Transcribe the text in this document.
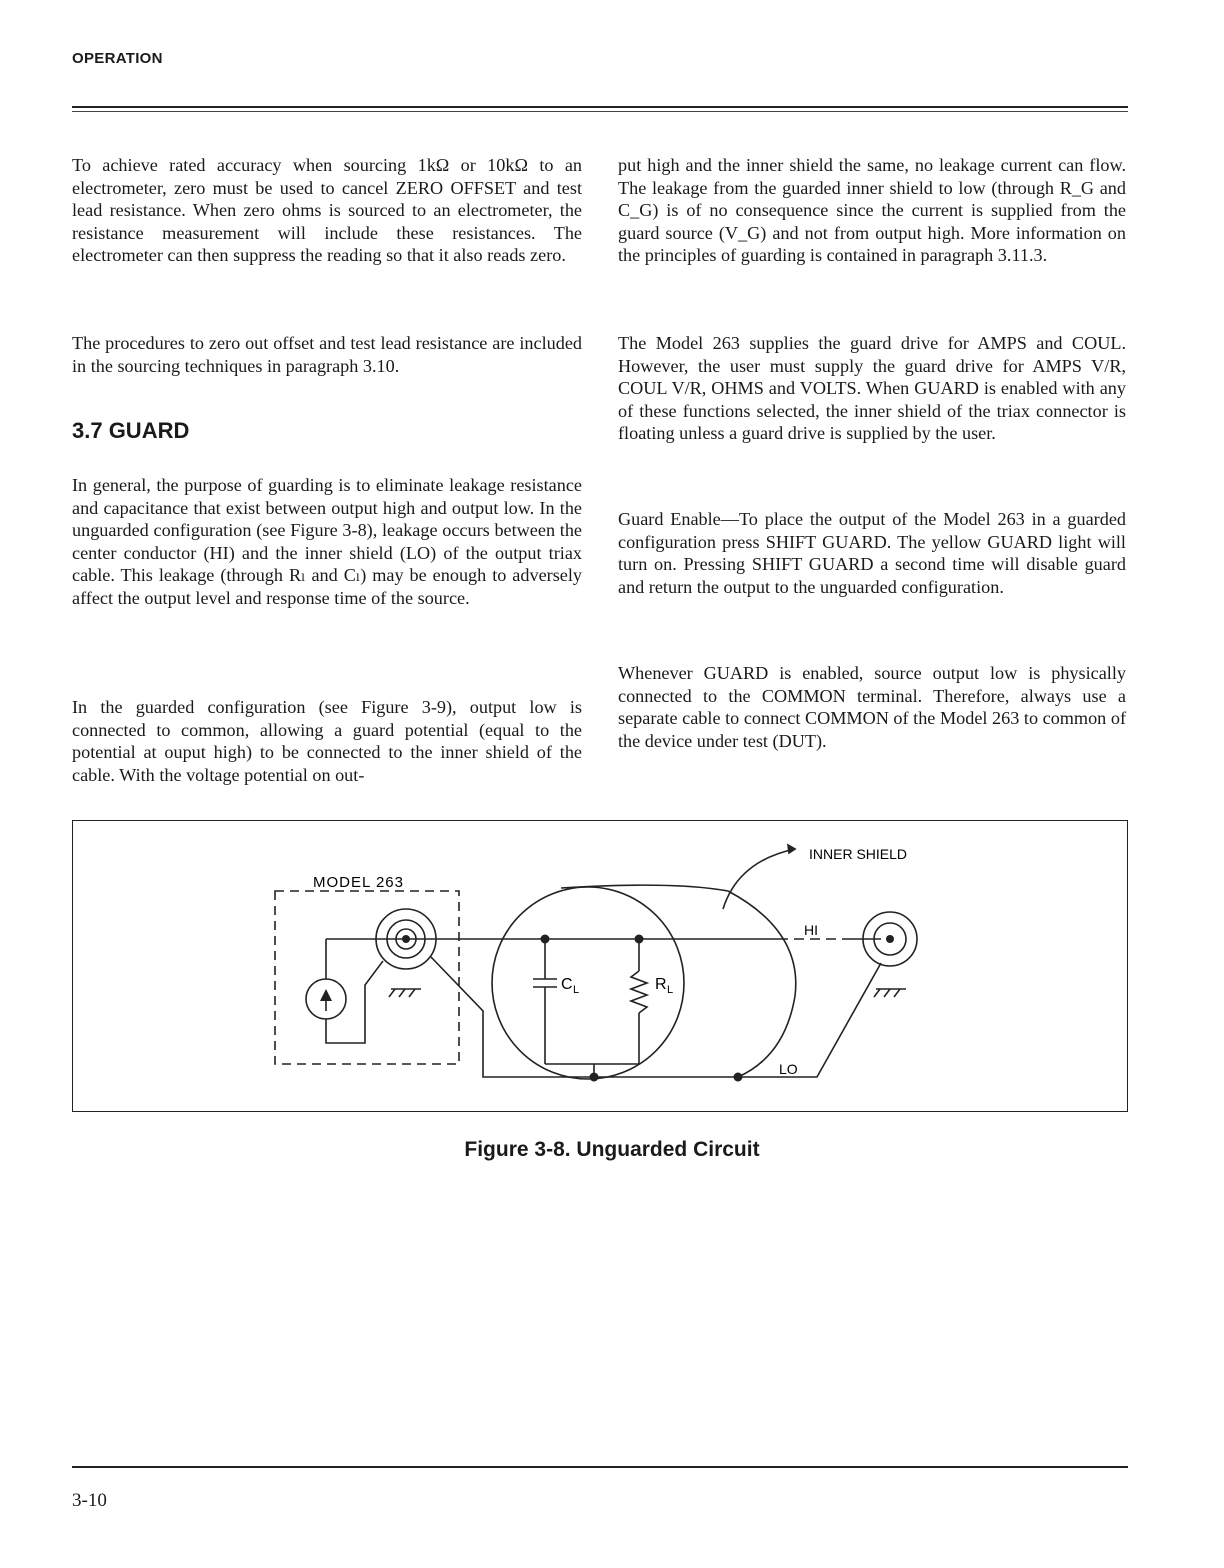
OPERATION

To achieve rated accuracy when sourcing 1kΩ or 10kΩ to an electrometer, zero must be used to cancel ZERO OFFSET and test lead resistance. When zero ohms is sourced to an electrometer, the resistance measurement will include these resistances. The electrometer can then suppress the reading so that it also reads zero.

The procedures to zero out offset and test lead resistance are included in the sourcing techniques in paragraph 3.10.

3.7 GUARD

In general, the purpose of guarding is to eliminate leakage resistance and capacitance that exist between output high and output low. In the unguarded configuration (see Figure 3-8), leakage occurs between the center conductor (HI) and the inner shield (LO) of the output triax cable. This leakage (through Rₗ and Cₗ) may be enough to adversely affect the output level and response time of the source.

In the guarded configuration (see Figure 3-9), output low is connected to common, allowing a guard potential (equal to the potential at ouput high) to be connected to the inner shield of the cable. With the voltage potential on out-

put high and the inner shield the same, no leakage current can flow. The leakage from the guarded inner shield to low (through R_G and C_G) is of no consequence since the current is supplied from the guard source (V_G) and not from output high. More information on the principles of guarding is contained in paragraph 3.11.3.

The Model 263 supplies the guard drive for AMPS and COUL. However, the user must supply the guard drive for AMPS V/R, COUL V/R, OHMS and VOLTS. When GUARD is enabled with any of these functions selected, the inner shield of the triax connector is floating unless a guard drive is supplied by the user.

Guard Enable—To place the output of the Model 263 in a guarded configuration press SHIFT GUARD. The yellow GUARD light will turn on. Pressing SHIFT GUARD a second time will disable guard and return the output to the unguarded configuration.

Whenever GUARD is enabled, source output low is physically connected to the COMMON terminal. Therefore, always use a separate cable to connect COMMON of the Model 263 to common of the device under test (DUT).

MODEL 263
INNER SHIELD
HI
LO
C L	R L

Figure 3-8. Unguarded Circuit

3-10
